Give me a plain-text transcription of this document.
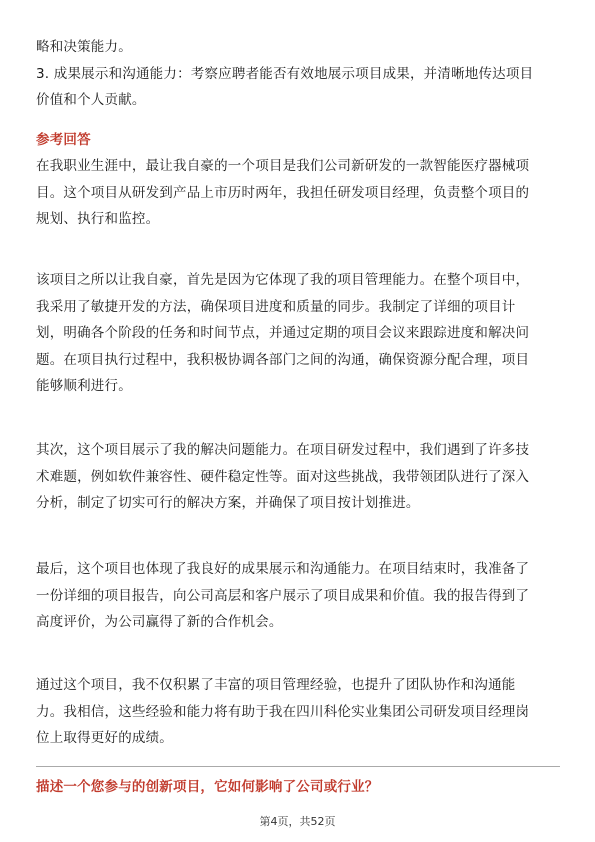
略和决策能力。
3. 成果展示和沟通能力：考察应聘者能否有效地展示项目成果，并清晰地传达项目
价值和个人贡献。
参考回答
在我职业生涯中，最让我自豪的一个项目是我们公司新研发的一款智能医疗器械项
目。这个项目从研发到产品上市历时两年，我担任研发项目经理，负责整个项目的
规划、执行和监控。
该项目之所以让我自豪，首先是因为它体现了我的项目管理能力。在整个项目中，
我采用了敏捷开发的方法，确保项目进度和质量的同步。我制定了详细的项目计
划，明确各个阶段的任务和时间节点，并通过定期的项目会议来跟踪进度和解决问
题。在项目执行过程中，我积极协调各部门之间的沟通，确保资源分配合理，项目
能够顺利进行。
其次，这个项目展示了我的解决问题能力。在项目研发过程中，我们遇到了许多技
术难题，例如软件兼容性、硬件稳定性等。面对这些挑战，我带领团队进行了深入
分析，制定了切实可行的解决方案，并确保了项目按计划推进。
最后，这个项目也体现了我良好的成果展示和沟通能力。在项目结束时，我准备了
一份详细的项目报告，向公司高层和客户展示了项目成果和价值。我的报告得到了
高度评价，为公司赢得了新的合作机会。
通过这个项目，我不仅积累了丰富的项目管理经验，也提升了团队协作和沟通能
力。我相信，这些经验和能力将有助于我在四川科伦实业集团公司研发项目经理岗
位上取得更好的成绩。
描述一个您参与的创新项目，它如何影响了公司或行业？
第4页，共52页
